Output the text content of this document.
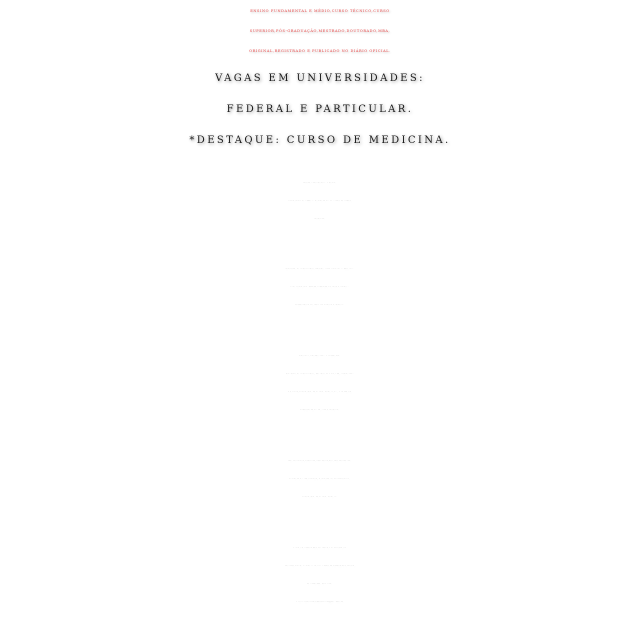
ENSINO FUNDAMENTAL E MÉDIO,CURSO TÉCNICO,CURSO
SUPERIOR,PÓS-GRADUAÇÃO,MESTRADO,DOUTORADO,MBA,
ORIGINAL,REGISTRADO E PUBLICADO NO DIÁRIO OFICIAL.
VAGAS EM UNIVERSIDADES:
FEDERAL E PARTICULAR.
*DESTAQUE: CURSO DE MEDICINA.
